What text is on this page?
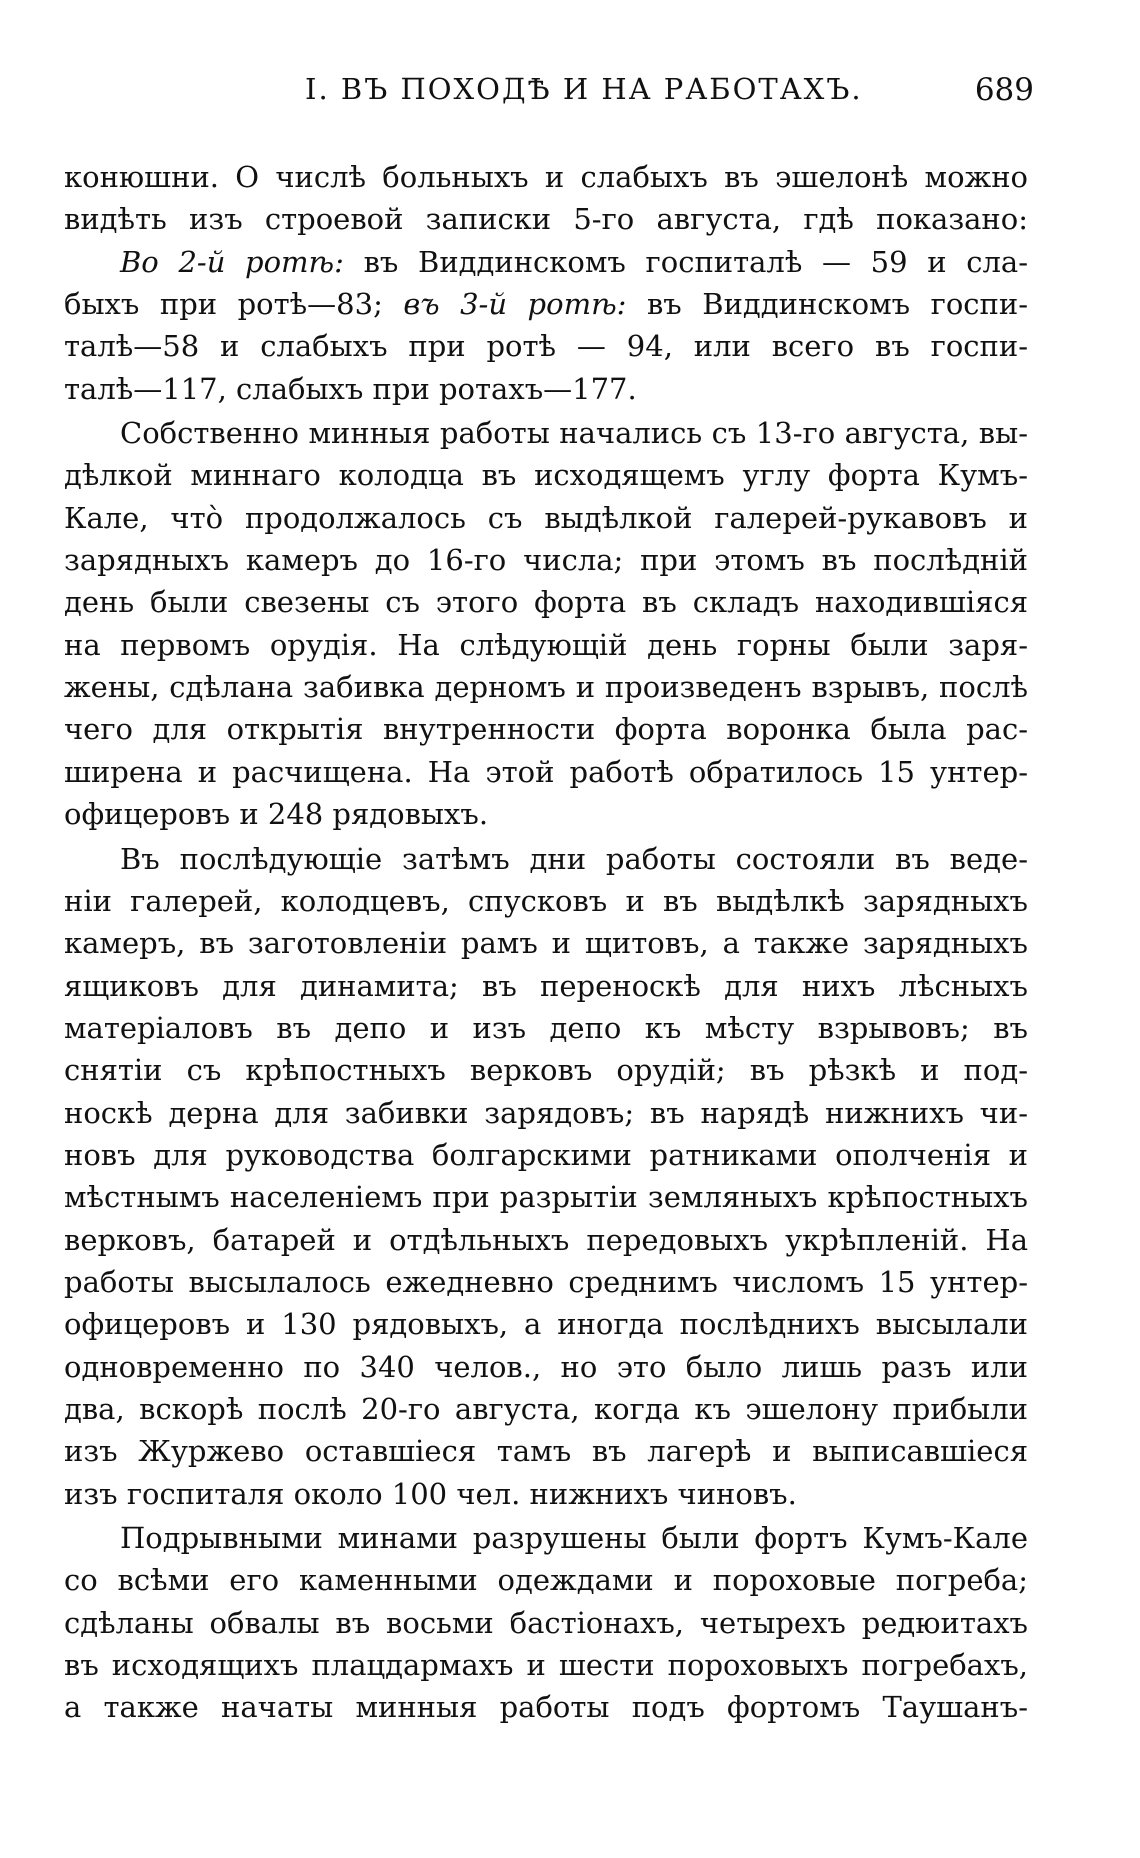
I. ВЪ ПОХОДѢ И НА РАБОТАХЪ.	689
конюшни. О числѣ больныхъ и слабыхъ въ эшелонѣ можно
видѣть изъ строевой записки 5-го августа, гдѣ показано:
Во 2-й ротѣ: въ Виддинскомъ госпиталѣ — 59 и сла-
быхъ при ротѣ—83; въ 3-й ротѣ: въ Виддинскомъ госпи-
талѣ—58 и слабыхъ при ротѣ — 94, или всего въ госпи-
талѣ—117, слабыхъ при ротахъ—177.
Собственно минныя работы начались съ 13-го августа, вы-
дѣлкой миннаго колодца въ исходящемъ углу форта Кумъ-
Кале, что̀ продолжалось съ выдѣлкой галерей-рукавовъ и
зарядныхъ камеръ до 16-го числа; при этомъ въ послѣдній
день были свезены съ этого форта въ складъ находившіяся
на первомъ орудія. На слѣдующій день горны были заря-
жены, сдѣлана забивка дерномъ и произведенъ взрывъ, послѣ
чего для открытія внутренности форта воронка была рас-
ширена и расчищена. На этой работѣ обратилось 15 унтер-
офицеровъ и 248 рядовыхъ.
Въ послѣдующіе затѣмъ дни работы состояли въ веде-
ніи галерей, колодцевъ, спусковъ и въ выдѣлкѣ зарядныхъ
камеръ, въ заготовленіи рамъ и щитовъ, а также зарядныхъ
ящиковъ для динамита; въ переноскѣ для нихъ лѣсныхъ
матеріаловъ въ депо и изъ депо къ мѣсту взрывовъ; въ
снятіи съ крѣпостныхъ верковъ орудій; въ рѣзкѣ и под-
носкѣ дерна для забивки зарядовъ; въ нарядѣ нижнихъ чи-
новъ для руководства болгарскими ратниками ополченія и
мѣстнымъ населеніемъ при разрытіи земляныхъ крѣпостныхъ
верковъ, батарей и отдѣльныхъ передовыхъ укрѣпленій. На
работы высылалось ежедневно среднимъ числомъ 15 унтер-
офицеровъ и 130 рядовыхъ, а иногда послѣднихъ высылали
одновременно по 340 челов., но это было лишь разъ или
два, вскорѣ послѣ 20-го августа, когда къ эшелону прибыли
изъ Журжево оставшіеся тамъ въ лагерѣ и выписавшіеся
изъ госпиталя около 100 чел. нижнихъ чиновъ.
Подрывными минами разрушены были фортъ Кумъ-Кале
со всѣми его каменными одеждами и пороховые погреба;
сдѣланы обвалы въ восьми бастіонахъ, четырехъ редюитахъ
въ исходящихъ плацдармахъ и шести пороховыхъ погребахъ,
а также начаты минныя работы подъ фортомъ Таушанъ-
